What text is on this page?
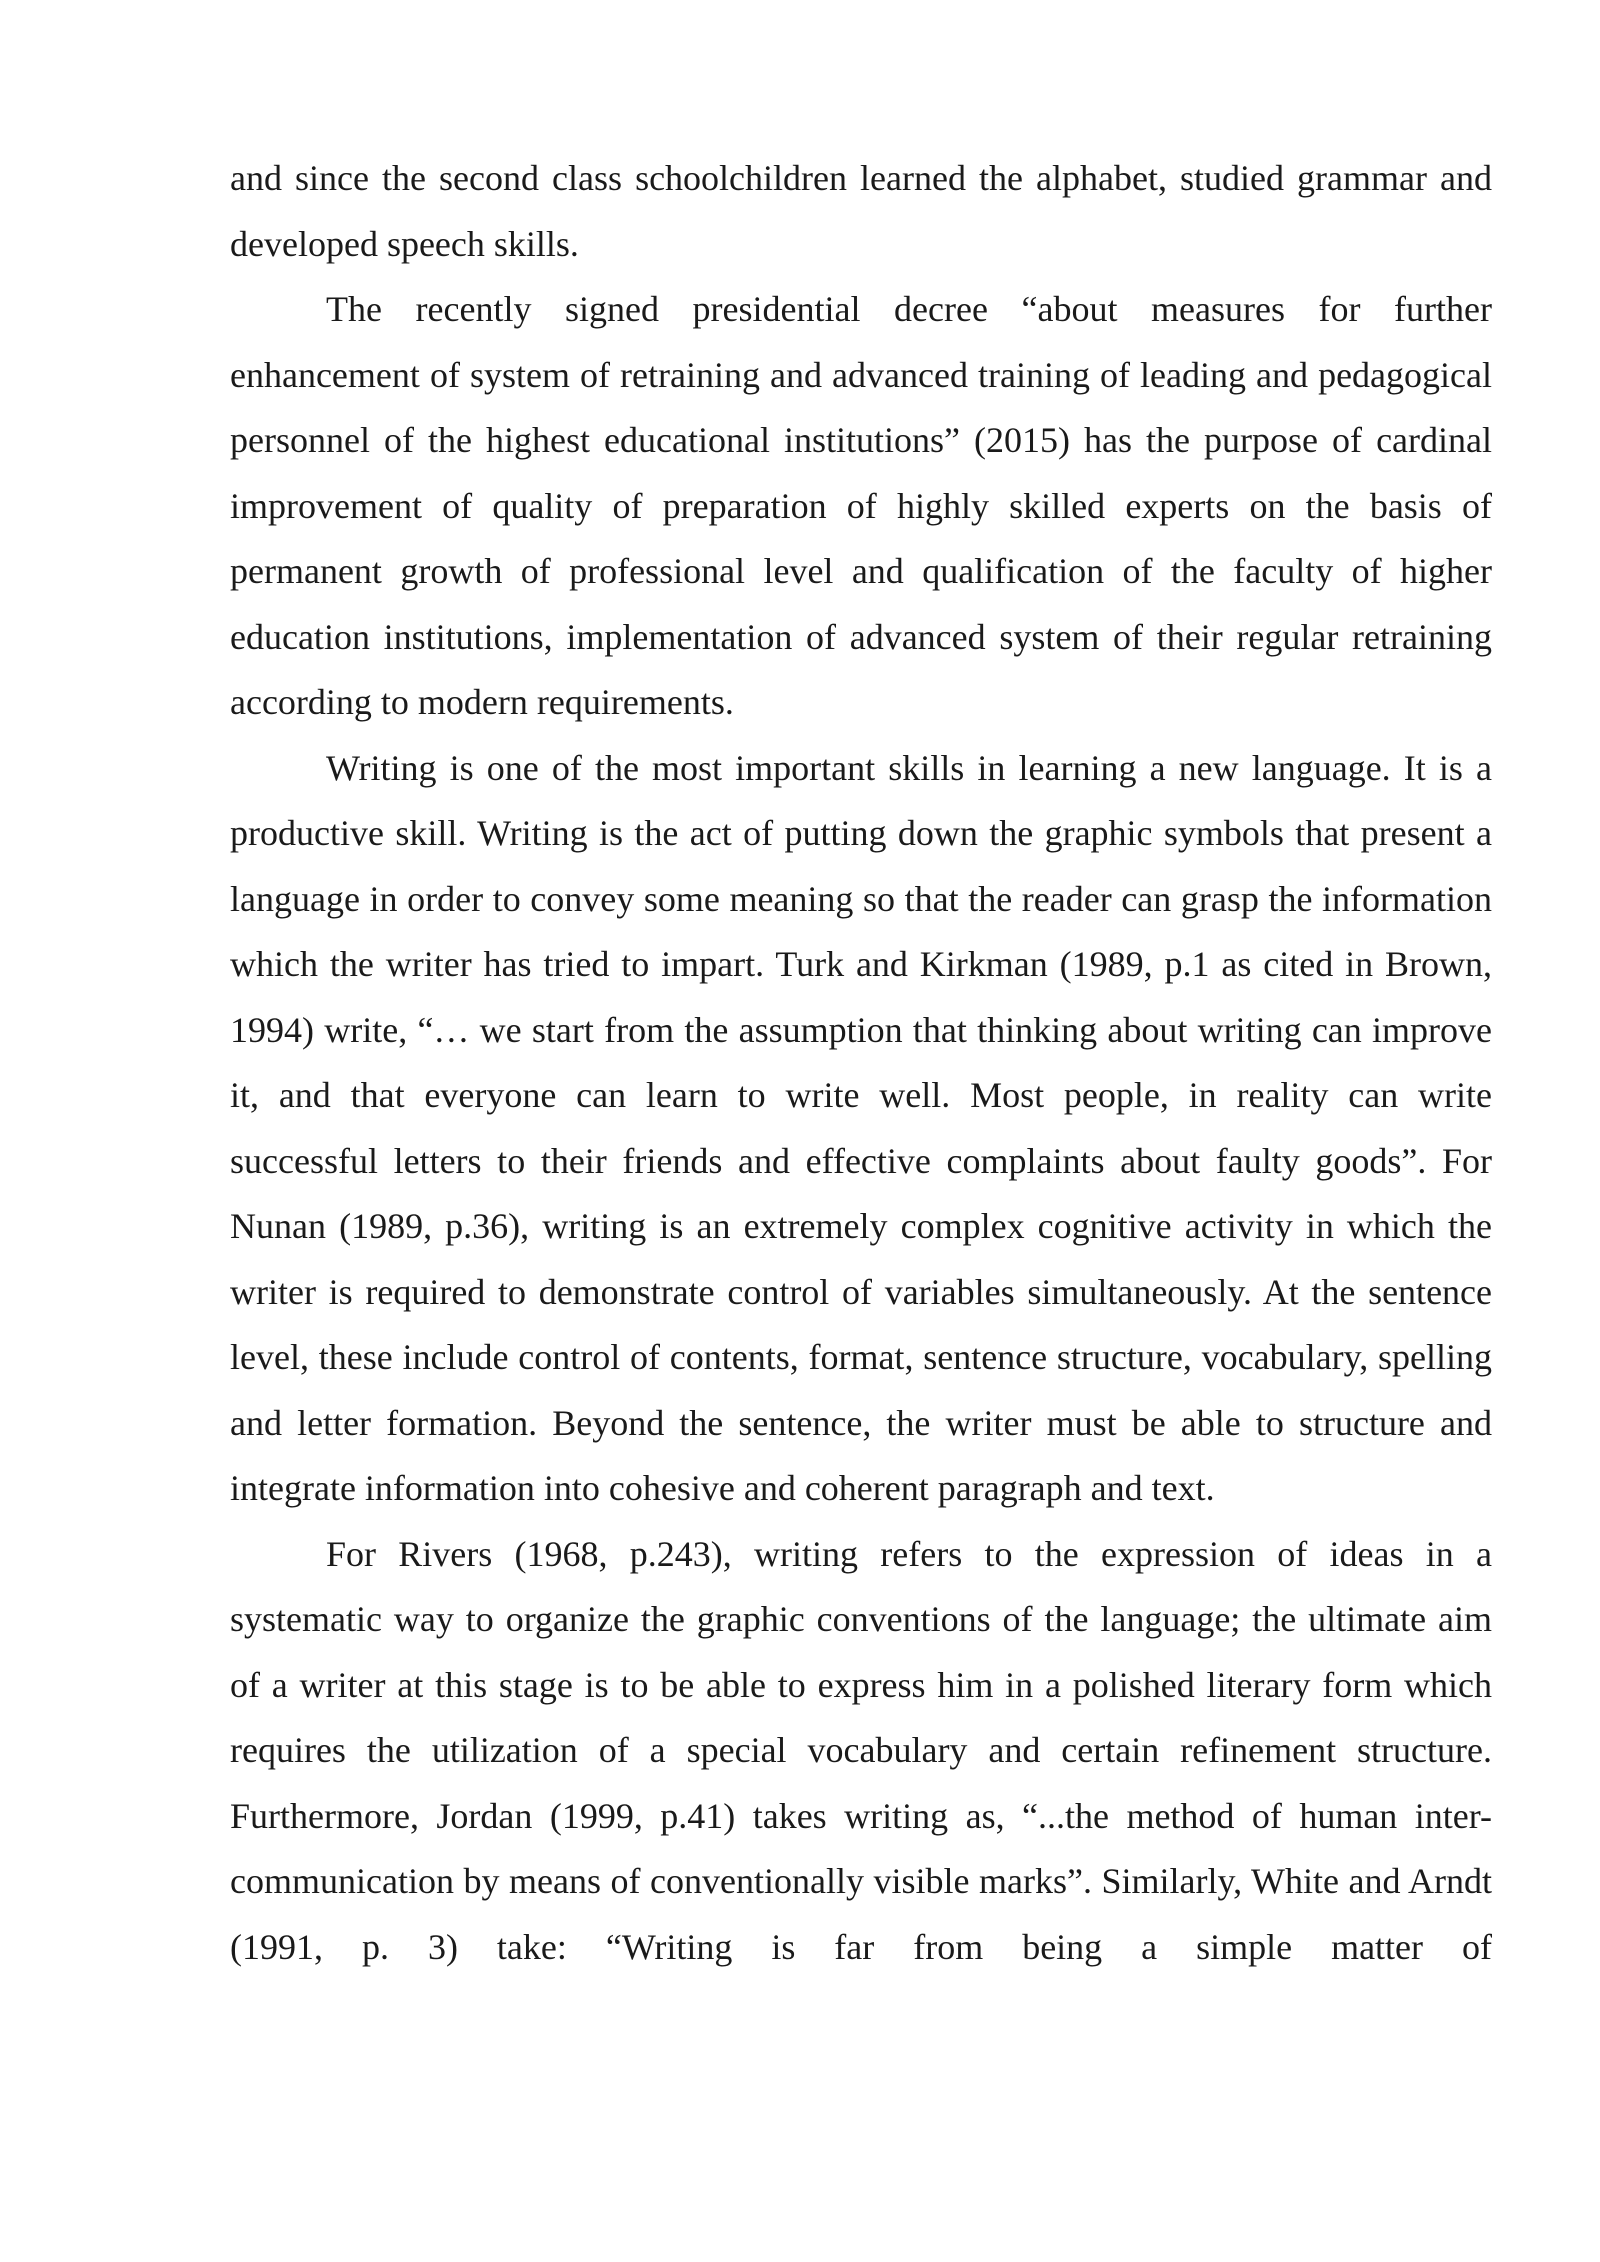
and since the second class schoolchildren learned the alphabet, studied grammar and developed speech skills.

The recently signed presidential decree “about measures for further enhancement of system of retraining and advanced training of leading and pedagogical personnel of the highest educational institutions” (2015) has the purpose of cardinal improvement of quality of preparation of highly skilled experts on the basis of permanent growth of professional level and qualification of the faculty of higher education institutions, implementation of advanced system of their regular retraining according to modern requirements.

Writing is one of the most important skills in learning a new language. It is a productive skill. Writing is the act of putting down the graphic symbols that present a language in order to convey some meaning so that the reader can grasp the information which the writer has tried to impart. Turk and Kirkman (1989, p.1 as cited in Brown, 1994) write, “… we start from the assumption that thinking about writing can improve it, and that everyone can learn to write well. Most people, in reality can write successful letters to their friends and effective complaints about faulty goods”. For Nunan (1989, p.36), writing is an extremely complex cognitive activity in which the writer is required to demonstrate control of variables simultaneously. At the sentence level, these include control of contents, format, sentence structure, vocabulary, spelling and letter formation. Beyond the sentence, the writer must be able to structure and integrate information into cohesive and coherent paragraph and text.

For Rivers (1968, p.243), writing refers to the expression of ideas in a systematic way to organize the graphic conventions of the language; the ultimate aim of a writer at this stage is to be able to express him in a polished literary form which requires the utilization of a special vocabulary and certain refinement structure. Furthermore, Jordan (1999, p.41) takes writing as, “...the method of human inter-communication by means of conventionally visible marks”. Similarly, White and Arndt (1991, p. 3) take: “Writing is far from being a simple matter of
